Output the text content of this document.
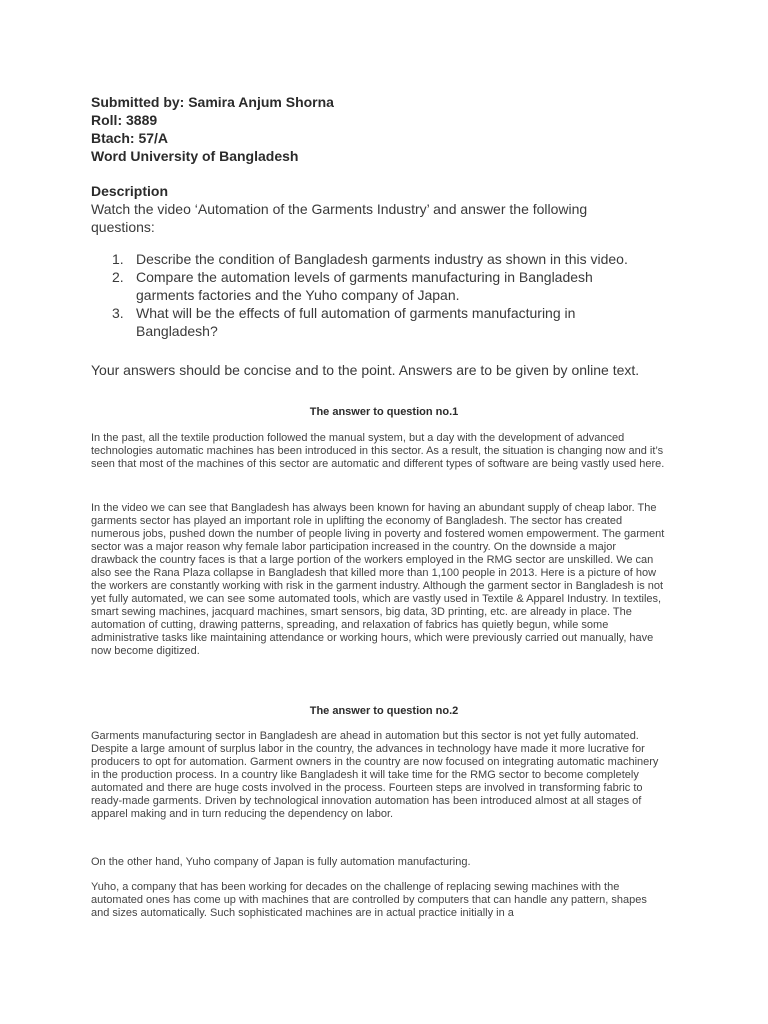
Submitted by: Samira Anjum Shorna
Roll: 3889
Btach: 57/A
Word University of Bangladesh
Description

Watch the video ‘Automation of the Garments Industry’ and answer the following questions:

1. Describe the condition of Bangladesh garments industry as shown in this video.
2. Compare the automation levels of garments manufacturing in Bangladesh garments factories and the Yuho company of Japan.
3. What will be the effects of full automation of garments manufacturing in Bangladesh?

Your answers should be concise and to the point. Answers are to be given by online text.

The answer to question no.1

In the past, all the textile production followed the manual system, but a day with the development of advanced technologies automatic machines has been introduced in this sector. As a result, the situation is changing now and it’s seen that most of the machines of this sector are automatic and different types of software are being vastly used here.

In the video we can see that Bangladesh has always been known for having an abundant supply of cheap labor. The garments sector has played an important role in uplifting the economy of Bangladesh. The sector has created numerous jobs, pushed down the number of people living in poverty and fostered women empowerment. The garment sector was a major reason why female labor participation increased in the country. On the downside a major drawback the country faces is that a large portion of the workers employed in the RMG sector are unskilled. We can also see the Rana Plaza collapse in Bangladesh that killed more than 1,100 people in 2013. Here is a picture of how the workers are constantly working with risk in the garment industry. Although the garment sector in Bangladesh is not yet fully automated, we can see some automated tools, which are vastly used in Textile & Apparel Industry. In textiles, smart sewing machines, jacquard machines, smart sensors, big data, 3D printing, etc. are already in place. The automation of cutting, drawing patterns, spreading, and relaxation of fabrics has quietly begun, while some administrative tasks like maintaining attendance or working hours, which were previously carried out manually, have now become digitized.

The answer to question no.2

Garments manufacturing sector in Bangladesh are ahead in automation but this sector is not yet fully automated. Despite a large amount of surplus labor in the country, the advances in technology have made it more lucrative for producers to opt for automation. Garment owners in the country are now focused on integrating automatic machinery in the production process. In a country like Bangladesh it will take time for the RMG sector to become completely automated and there are huge costs involved in the process. Fourteen steps are involved in transforming fabric to ready-made garments. Driven by technological innovation automation has been introduced almost at all stages of apparel making and in turn reducing the dependency on labor.

On the other hand, Yuho company of Japan is fully automation manufacturing.

Yuho, a company that has been working for decades on the challenge of replacing sewing machines with the automated ones has come up with machines that are controlled by computers that can handle any pattern, shapes and sizes automatically. Such sophisticated machines are in actual practice initially in a
